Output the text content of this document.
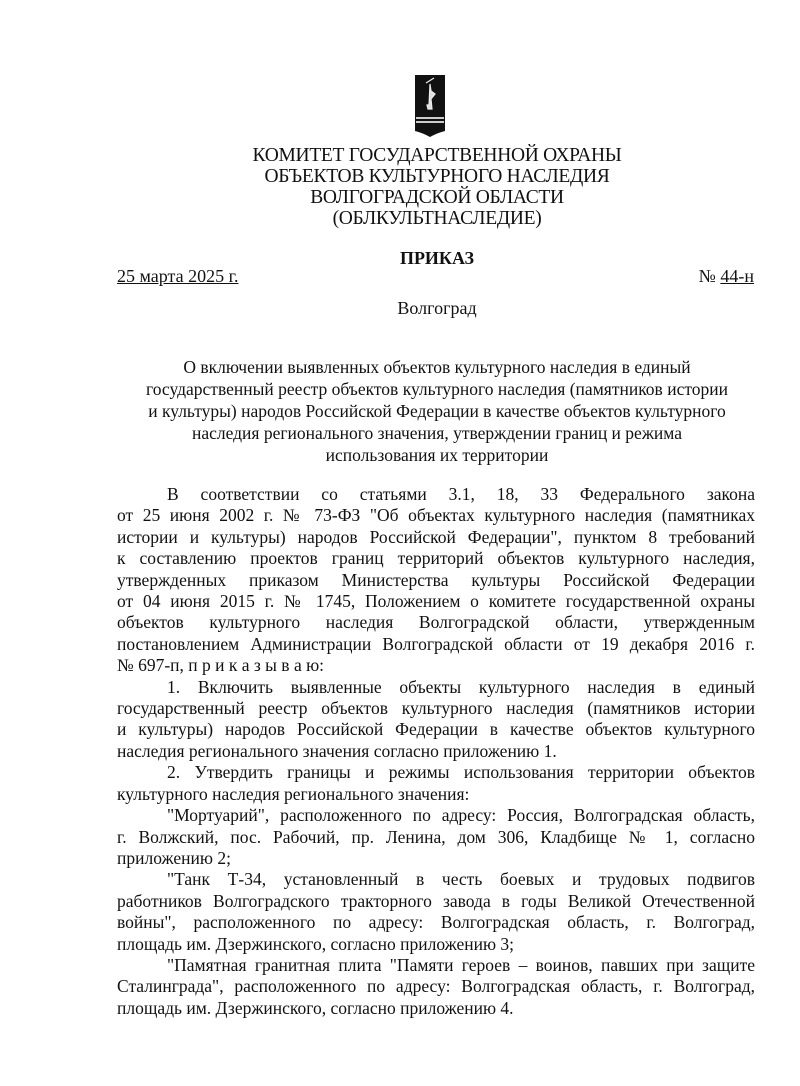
КОМИТЕТ ГОСУДАРСТВЕННОЙ ОХРАНЫ
ОБЪЕКТОВ КУЛЬТУРНОГО НАСЛЕДИЯ
ВОЛГОГРАДСКОЙ ОБЛАСТИ
(ОБЛКУЛЬТНАСЛЕДИЕ)
ПРИКАЗ
25 марта 2025 г.	№ 44-н
Волгоград
О включении выявленных объектов культурного наследия в единый
государственный реестр объектов культурного наследия (памятников истории
и культуры) народов Российской Федерации в качестве объектов культурного
наследия регионального значения, утверждении границ и режима
использования их территории
В соответствии со статьями 3.1, 18, 33 Федерального закона
от 25 июня 2002 г. № 73-ФЗ "Об объектах культурного наследия (памятниках
истории и культуры) народов Российской Федерации", пунктом 8 требований
к составлению проектов границ территорий объектов культурного наследия,
утвержденных приказом Министерства культуры Российской Федерации
от 04 июня 2015 г. № 1745, Положением о комитете государственной охраны
объектов культурного наследия Волгоградской области, утвержденным
постановлением Администрации Волгоградской области от 19 декабря 2016 г.
№ 697-п, п р и к а з ы в а ю:
1. Включить выявленные объекты культурного наследия в единый
государственный реестр объектов культурного наследия (памятников истории
и культуры) народов Российской Федерации в качестве объектов культурного
наследия регионального значения согласно приложению 1.
2. Утвердить границы и режимы использования территории объектов
культурного наследия регионального значения:
"Мортуарий", расположенного по адресу: Россия, Волгоградская область,
г. Волжский, пос. Рабочий, пр. Ленина, дом 306, Кладбище № 1, согласно
приложению 2;
"Танк Т-34, установленный в честь боевых и трудовых подвигов
работников Волгоградского тракторного завода в годы Великой Отечественной
войны", расположенного по адресу: Волгоградская область, г. Волгоград,
площадь им. Дзержинского, согласно приложению 3;
"Памятная гранитная плита "Памяти героев – воинов, павших при защите
Сталинграда", расположенного по адресу: Волгоградская область, г. Волгоград,
площадь им. Дзержинского, согласно приложению 4.
